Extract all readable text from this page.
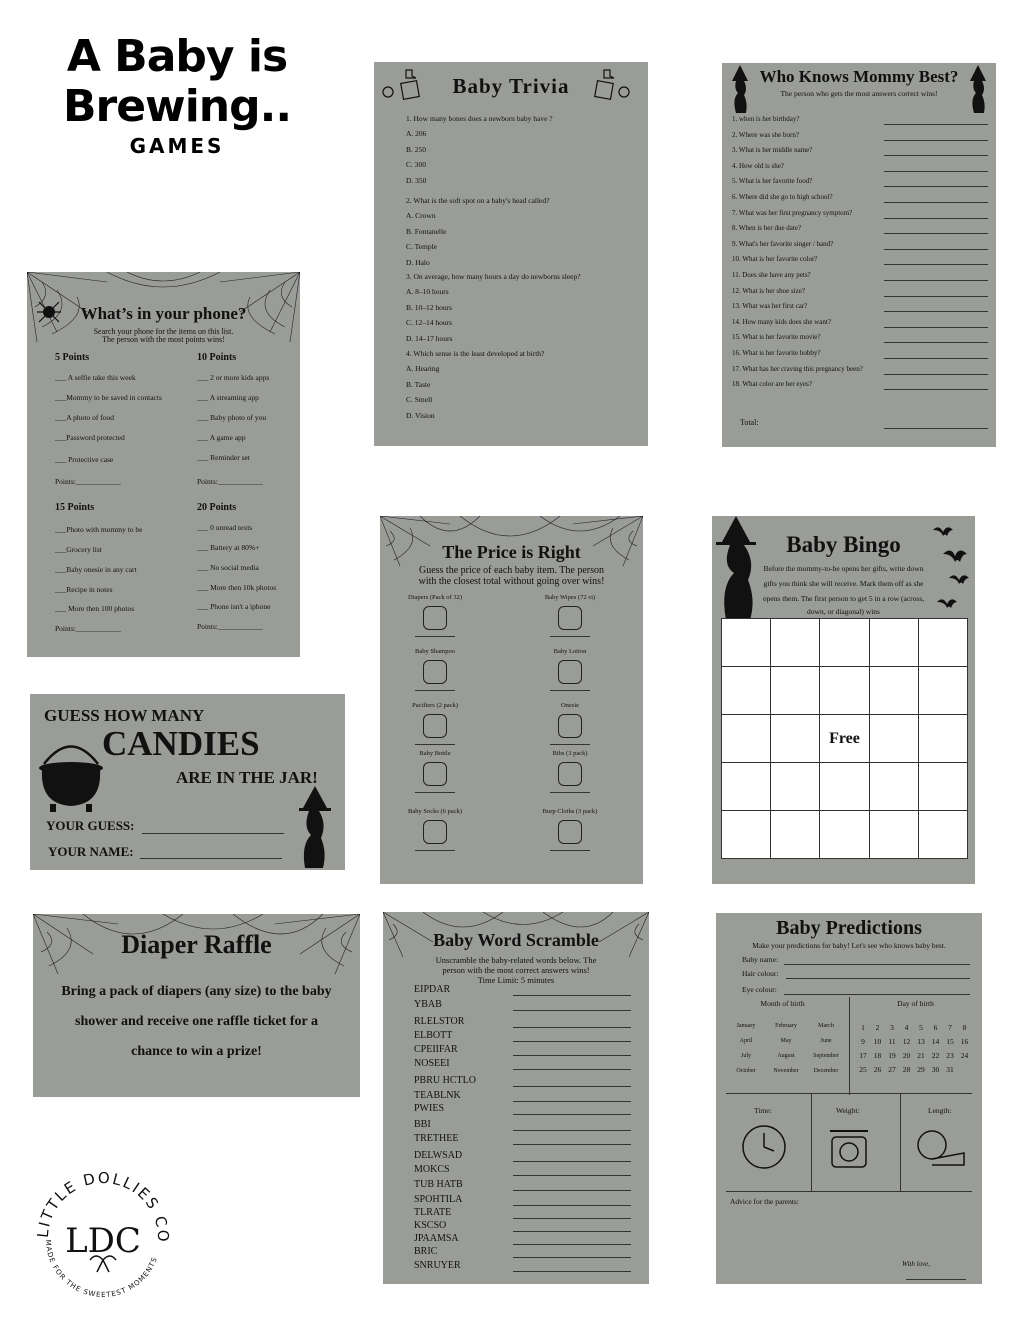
A Baby is
Brewing..
GAMES
LITTLE DOLLIES CO
MADE FOR THE SWEETEST MOMENTS
LDC
What’s in your phone?
Search your phone for the items on this list.
The person with the most points wins!
5 Points
___ A selfie take this week
___Mommy to be saved in contacts
___A photo of food
___Password protected
___ Protective case
Points:____________
10 Points
___ 2 or more kids apps
___ A streaming app
___ Baby photo of you
___ A game app
___ Reminder set
Points:____________
15 Points
___Photo with mommy to be
___Grocery list
___Baby onesie in any cart
___Recipe in notes
___ More then 100 photos
Points:____________
20 Points
___ 0 unread texts
___ Battery at 80%+
___ No social media
___ More then 10k photos
___ Phone isn't a iphone
Points:____________
Baby Trivia
1. How many bones does a newborn baby have ?
A. 206
B. 250
C. 300
D. 350
2. What is the soft spot on a baby's head called?
A. Crown
B. Fontanelle
C. Temple
D. Halo
3. On average, how many hours a day do newborns sleep?
A. 8–10 hours
B. 10–12 hours
C. 12–14 hours
D. 14–17 hours
4. Which sense is the least developed at birth?
A. Hearing
B. Taste
C. Smell
D. Vision
Who Knows Mommy Best?
The person who gets the most answers correct wins!
Total:
1. when is her birthday?
2. Where was she born?
3. What is her middle name?
4. How old is she?
5. What is her favorite food?
6. Where did she go to high school?
7. What was her first pregnancy symptom?
8. When is her due date?
9. What's her favorite singer / band?
10. What is her favorite color?
11. Does she have any pets?
12. What is her shoe size?
13. What was her first car?
14. How many kids does she want?
15. What is her favorite movie?
16. What is her favorite hobby?
17. What has her craving this pregnancy been?
18. What color are her eyes?
GUESS HOW MANY
CANDIES
ARE IN THE JAR!
YOUR GUESS:
YOUR NAME:
The Price is Right
Guess the price of each baby item. The person
with the closest total without going over wins!
Diapers (Pack of 32)	Baby Wipes (72 ct)
Baby Shampoo	Baby Lotion
Pacifiers (2 pack)	Onesie
Baby Bottle	Bibs (3 pack)
Baby Socks (6 pack)	Burp Cloths (3 pack)
Baby Bingo
Before the mommy-to-be opens her gifts, write down
gifts you think she will receive. Mark them off as she
opens them. The first person to get 5 in a row (across,
down, or diagonal) wins
Free
Diaper Raffle
Bring a pack of diapers (any size) to the baby
shower and receive one raffle ticket for a
chance to win a prize!
Baby Word Scramble
Unscramble the baby-related words below. The
person with the most correct answers wins!
Time Limit: 5 minutes
EIPDAR
YBAB
RLELSTOR
ELBOTT
CPEIIFAR
NOSEEI
PBRU HCTLO
TEABLNK
PWIES
BBI
TRETHEE
DELWSAD
MOKCS
TUB HATB
SPOHTILA
TLRATE
KSCSO
JPAAMSA
BRIC
SNRUYER
Baby Predictions
Make your predictions for baby! Let's see who knows baby best.
Baby name:
Hair colour:
Eye colour:
Month of birth	Day of birth
January	February	March
April	May	June
July	August	September
October	November	December
1	2	3	4	5	6	7	8
9	10 11 12 13 14 15 16
17 18 19 20 21 22 23 24
25 26 27 28 29 30 31
Time:	Weight:	Length:
Advice for the parents:
With love,
